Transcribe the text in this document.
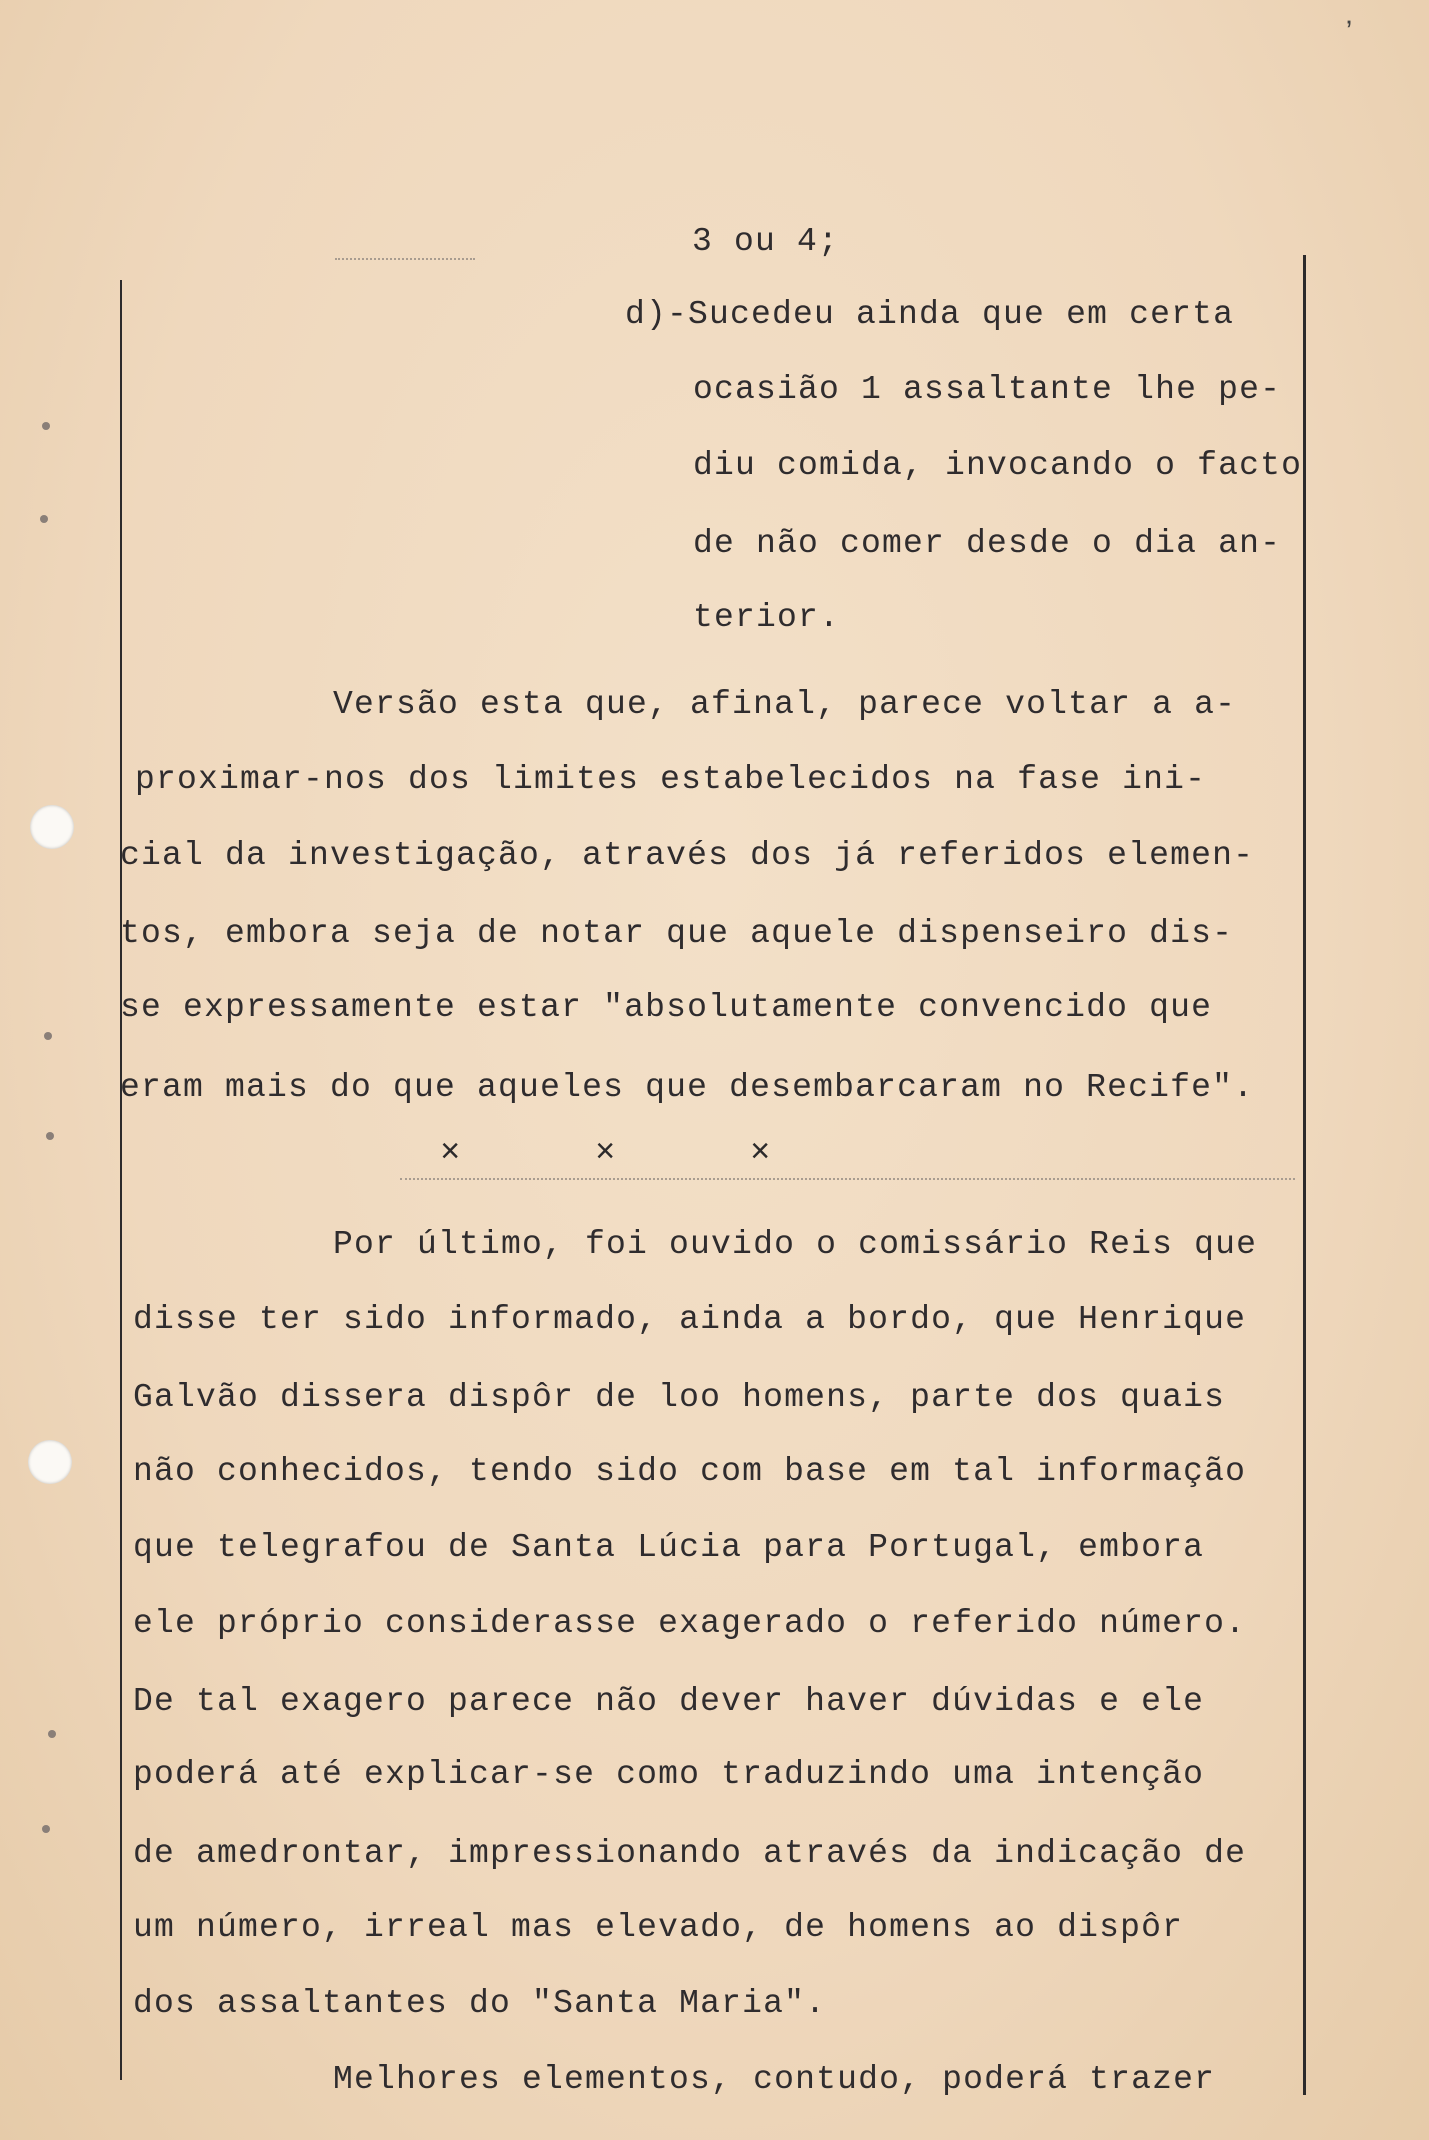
ʼ
3 ou 4;
d)-Sucedeu ainda que em certa
ocasião 1 assaltante lhe pe-
diu comida, invocando o facto
de não comer desde o dia an-
terior.
Versão esta que, afinal, parece voltar a a-
proximar-nos dos limites estabelecidos na fase ini-
cial da investigação, através dos já referidos elemen-
tos, embora seja de notar que aquele dispenseiro dis-
se expressamente estar "absolutamente convencido que
eram mais do que aqueles que desembarcaram no Recife".
×	×	×
Por último, foi ouvido o comissário Reis que
disse ter sido informado, ainda a bordo, que Henrique
Galvão dissera dispôr de loo homens, parte dos quais
não conhecidos, tendo sido com base em tal informação
que telegrafou de Santa Lúcia para Portugal, embora
ele próprio considerasse exagerado o referido número.
De tal exagero parece não dever haver dúvidas e ele
poderá até explicar-se como traduzindo uma intenção
de amedrontar, impressionando através da indicação de
um número, irreal mas elevado, de homens ao dispôr
dos assaltantes do "Santa Maria".
Melhores elementos, contudo, poderá trazer
